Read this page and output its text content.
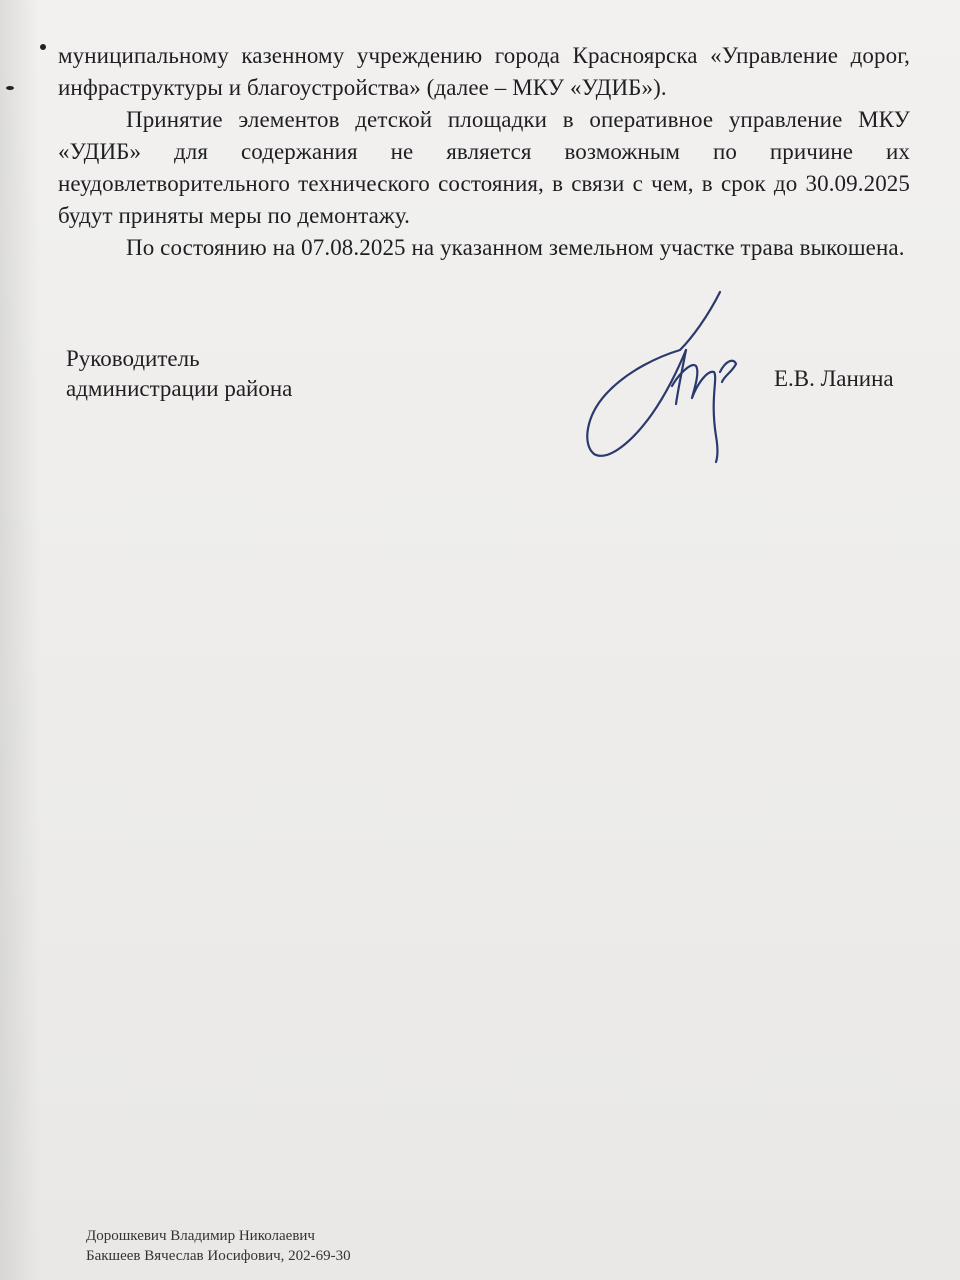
муниципальному казенному учреждению города Красноярска «Управление дорог, инфраструктуры и благоустройства» (далее – МКУ «УДИБ»).

Принятие элементов детской площадки в оперативное управление МКУ «УДИБ» для содержания не является возможным по причине их неудовлетворительного технического состояния, в связи с чем, в срок до 30.09.2025 будут приняты меры по демонтажу.

По состоянию на 07.08.2025 на указанном земельном участке трава выкошена.

Руководитель
администрации района	Е.В. Ланина
Дорошкевич Владимир Николаевич
Бакшеев Вячеслав Иосифович, 202-69-30
